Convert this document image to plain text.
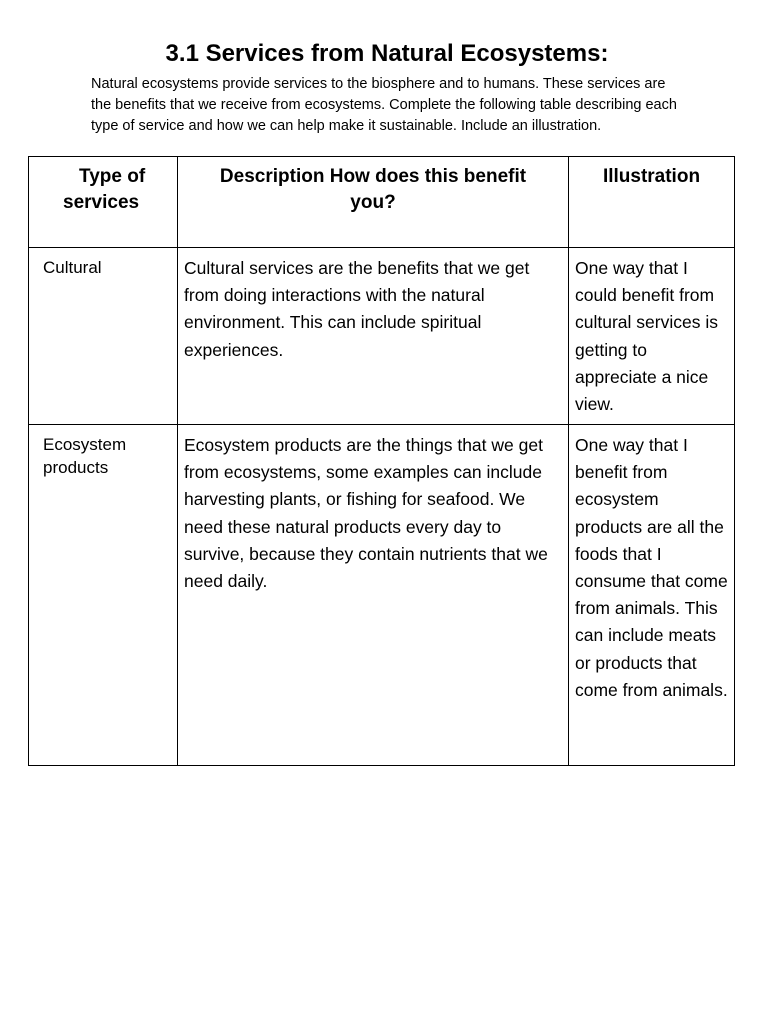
3.1 Services from Natural Ecosystems:
Natural ecosystems provide services to the biosphere and to humans. These services are the benefits that we receive from ecosystems. Complete the following table describing each type of service and how we can help make it sustainable. Include an illustration.
Type of
services	Description How does this benefit you?	Illustration
Cultural	Cultural services are the benefits that we get from doing interactions with the natural environment. This can include spiritual experiences.	One way that I could benefit from cultural services is getting to appreciate a nice view.
Ecosystem products	Ecosystem products are the things that we get from ecosystems, some examples can include harvesting plants, or fishing for seafood. We need these natural products every day to survive, because they contain nutrients that we need daily.	One way that I benefit from ecosystem products are all the foods that I consume that come from animals. This can include meats or products that come from animals.
